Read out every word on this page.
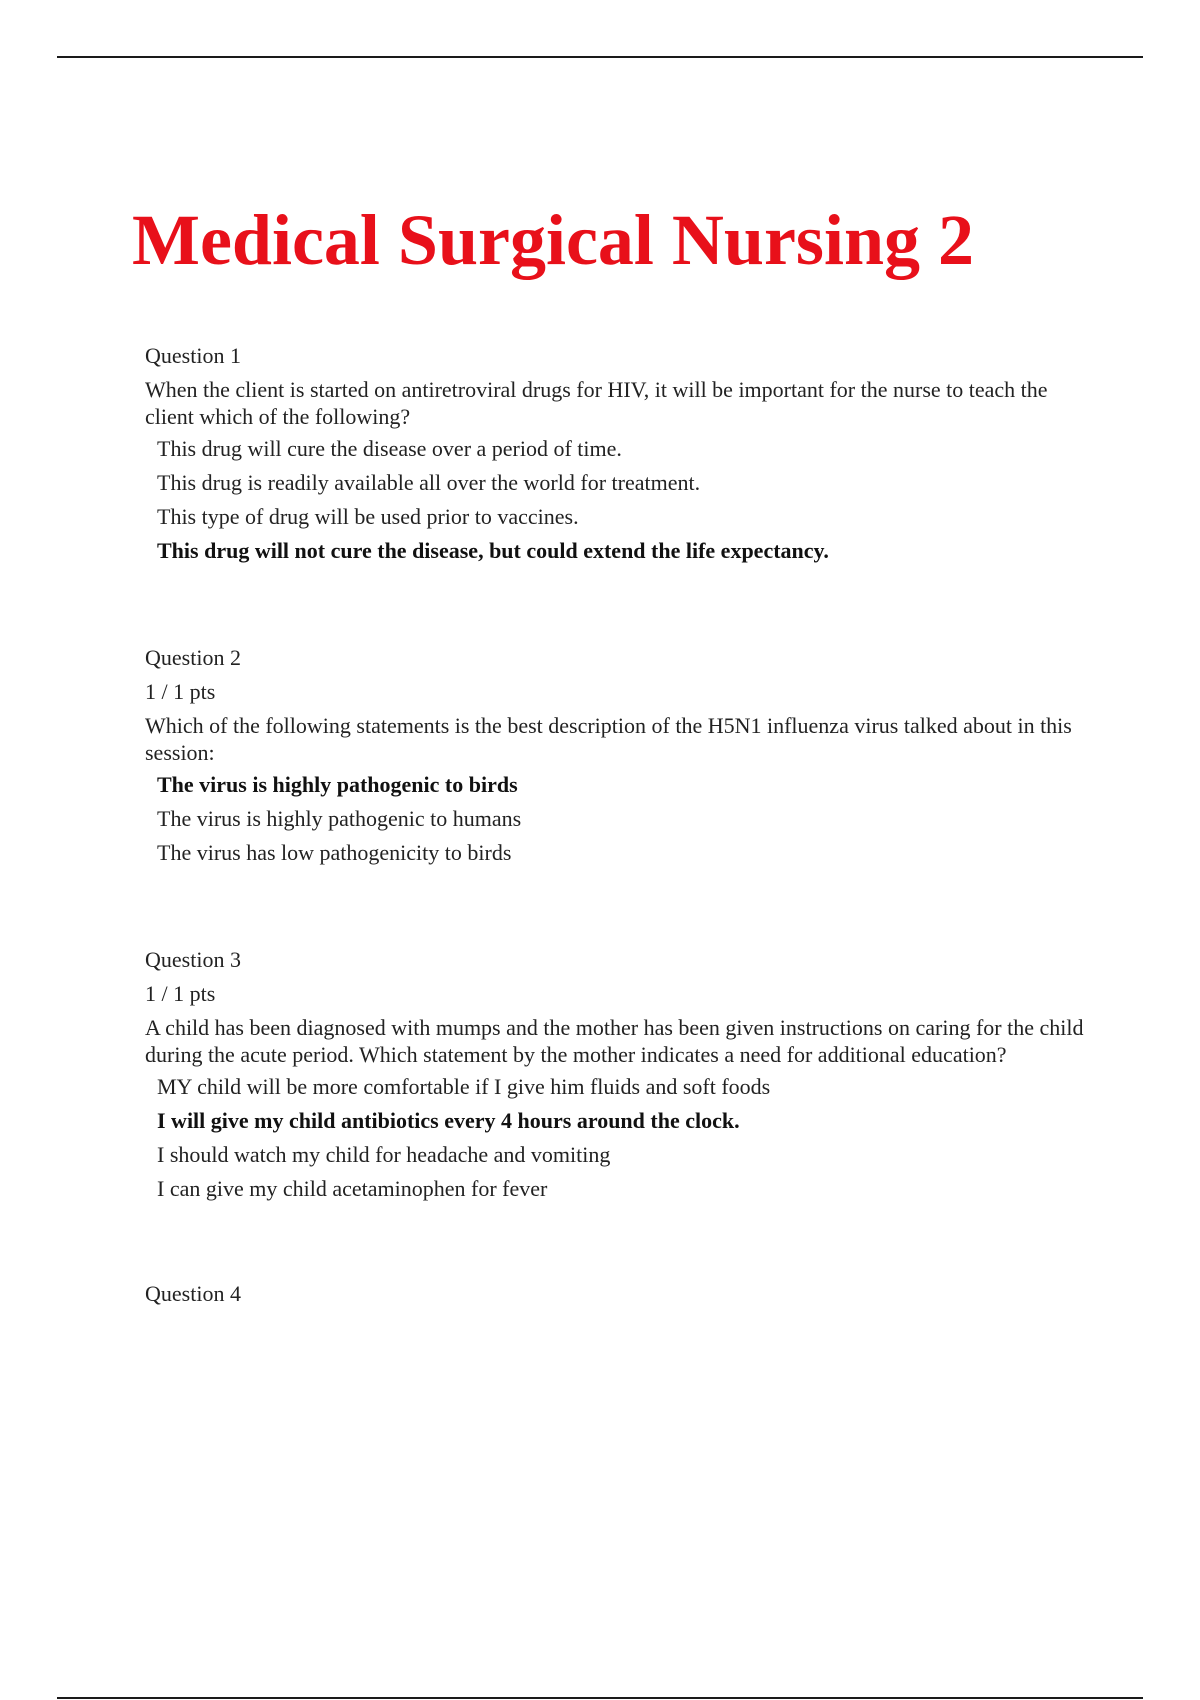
Medical Surgical Nursing 2

Question 1

When the client is started on antiretroviral drugs for HIV, it will be important for the nurse to teach the client which of the following?

This drug will cure the disease over a period of time.
This drug is readily available all over the world for treatment.
This type of drug will be used prior to vaccines.
This drug will not cure the disease, but could extend the life expectancy.

Question 2

1 / 1 pts

Which of the following statements is the best description of the H5N1 influenza virus talked about in this session:

The virus is highly pathogenic to birds
The virus is highly pathogenic to humans
The virus has low pathogenicity to birds

Question 3

1 / 1 pts

A child has been diagnosed with mumps and the mother has been given instructions on caring for the child during the acute period. Which statement by the mother indicates a need for additional education?

MY child will be more comfortable if I give him fluids and soft foods
I will give my child antibiotics every 4 hours around the clock.
I should watch my child for headache and vomiting
I can give my child acetaminophen for fever

Question 4
